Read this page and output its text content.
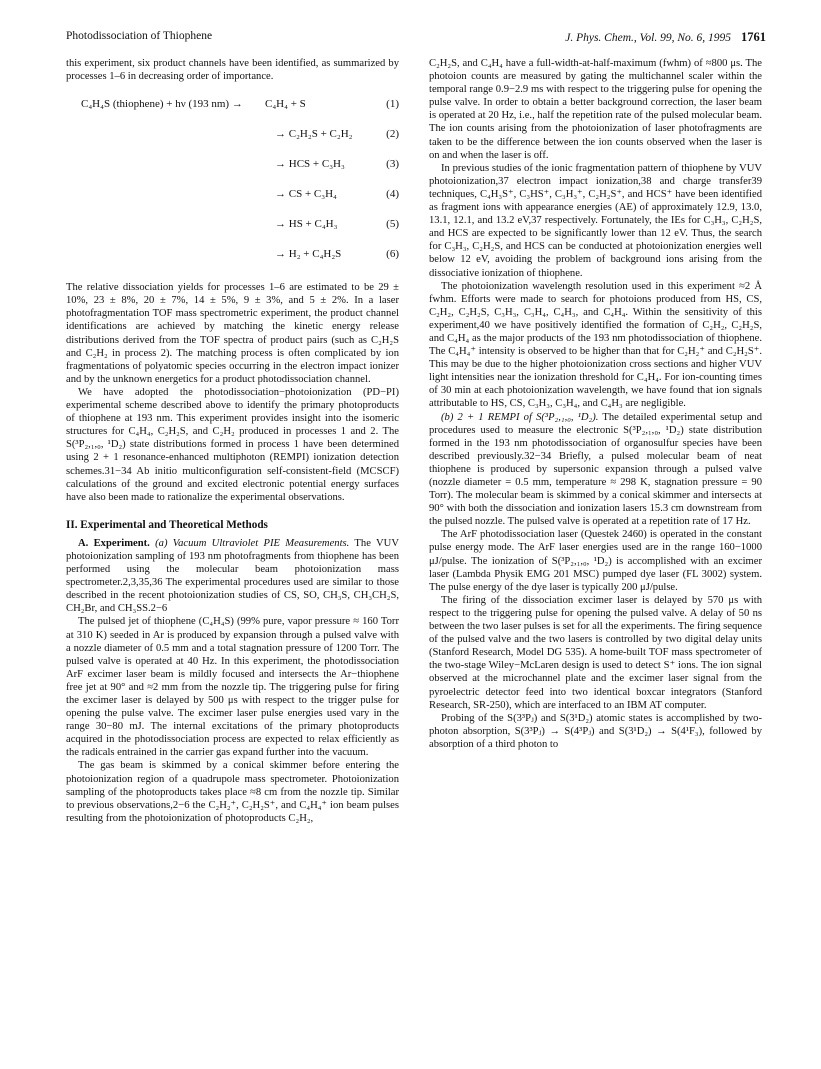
Photodissociation of Thiophene	J. Phys. Chem., Vol. 99, No. 6, 1995 1761

this experiment, six product channels have been identified, as summarized by processes 1–6 in decreasing order of importance.

C₄H₄S (thiophene) + hν (193 nm) → C₄H₄ + S	(1)
→ C₂H₂S + C₂H₂	(2)
→ HCS + C₃H₃	(3)
→ CS + C₃H₄	(4)
→ HS + C₄H₃	(5)
→ H₂ + C₄H₂S	(6)

The relative dissociation yields for processes 1–6 are estimated to be 29 ± 10%, 23 ± 8%, 20 ± 7%, 14 ± 5%, 9 ± 3%, and 5 ± 2%. In a laser photofragmentation TOF mass spectrometric experiment, the product channel identifications are achieved by matching the kinetic energy release distributions derived from the TOF spectra of product pairs (such as C₂H₂S and C₂H₂ in process 2). The matching process is often complicated by ion fragmentations of polyatomic species occurring in the electron impact ionizer and by the unknown energetics for a product photodissociation channel.

We have adopted the photodissociation−photoionization (PD−PI) experimental scheme described above to identify the primary photoproducts of thiophene at 193 nm. This experiment provides insight into the isomeric structures for C₄H₄, C₂H₂S, and C₂H₂ produced in processes 1 and 2. The S(³P₂,₁,₀, ¹D₂) state distributions formed in process 1 have been determined using 2 + 1 resonance-enhanced multiphoton (REMPI) ionization detection schemes.31−34 Ab initio multiconfiguration self-consistent-field (MCSCF) calculations of the ground and excited electronic potential energy surfaces have also been made to rationalize the experimental observations.

II. Experimental and Theoretical Methods

A. Experiment. (a) Vacuum Ultraviolet PIE Measurements. The VUV photoionization sampling of 193 nm photofragments from thiophene has been performed using the molecular beam photoionization mass spectrometer.2,3,35,36 The experimental procedures used are similar to those described in the recent photoionization studies of CS, SO, CH₃S, CH₃CH₂S, CH₂Br, and CH₃SS.2−6

The pulsed jet of thiophene (C₄H₄S) (99% pure, vapor pressure ≈ 160 Torr at 310 K) seeded in Ar is produced by expansion through a pulsed valve with a nozzle diameter of 0.5 mm and a total stagnation pressure of 1200 Torr. The pulsed valve is operated at 40 Hz. In this experiment, the photodissociation ArF excimer laser beam is mildly focused and intersects the Ar−thiophene free jet at 90° and ≈2 mm from the nozzle tip. The triggering pulse for firing the excimer laser is delayed by 500 μs with respect to the trigger pulse for opening the pulse valve. The excimer laser pulse energies used vary in the range 30−80 mJ. The internal excitations of the primary photoproducts acquired in the photodissociation process are expected to relax efficiently as the radicals entrained in the carrier gas expand further into the vacuum.

The gas beam is skimmed by a conical skimmer before entering the photoionization region of a quadrupole mass spectrometer. Photoionization sampling of the photoproducts takes place ≈8 cm from the nozzle tip. Similar to previous observations,2−6 the C₂H₂⁺, C₂H₂S⁺, and C₄H₄⁺ ion beam pulses resulting from the photoionization of photoproducts C₂H₂,

C₂H₂S, and C₄H₄ have a full-width-at-half-maximum (fwhm) of ≈800 μs. The photoion counts are measured by gating the multichannel scaler within the temporal range 0.9−2.9 ms with respect to the triggering pulse for opening the pulse valve. In order to obtain a better background correction, the laser beam is operated at 20 Hz, i.e., half the repetition rate of the pulsed molecular beam. The ion counts arising from the photoionization of laser photofragments are taken to be the difference between the ion counts observed when the laser is on and when the laser is off.

In previous studies of the ionic fragmentation pattern of thiophene by VUV photoionization,37 electron impact ionization,38 and charge transfer39 techniques, C₄H₃S⁺, C₃HS⁺, C₃H₃⁺, C₂H₂S⁺, and HCS⁺ have been identified as fragment ions with appearance energies (AE) of approximately 12.9, 13.0, 13.1, 12.1, and 13.2 eV,37 respectively. Fortunately, the IEs for C₃H₃, C₂H₂S, and HCS are expected to be significantly lower than 12 eV. Thus, the search for C₃H₃, C₂H₂S, and HCS can be conducted at photoionization energies well below 12 eV, avoiding the problem of background ions arising from the dissociative ionization of thiophene.

The photoionization wavelength resolution used in this experiment ≈2 Å fwhm. Efforts were made to search for photoions produced from HS, CS, C₂H₂, C₂H₂S, C₃H₃, C₃H₄, C₄H₃, and C₄H₄. Within the sensitivity of this experiment,40 we have positively identified the formation of C₂H₂, C₂H₂S, and C₄H₄ as the major products of the 193 nm photodissociation of thiophene. The C₄H₄⁺ intensity is observed to be higher than that for C₂H₂⁺ and C₂H₂S⁺. This may be due to the higher photoionization cross sections and higher VUV light intensities near the ionization threshold for C₄H₄. For ion-counting times of 30 min at each photoionization wavelength, we have found that ion signals attributable to HS, CS, C₃H₃, C₃H₄, and C₄H₃ are negligible.

(b) 2 + 1 REMPI of S(³P₂,₁,₀, ¹D₂). The detailed experimental setup and procedures used to measure the electronic S(³P₂,₁,₀, ¹D₂) state distribution formed in the 193 nm photodissociation of organosulfur species have been described previously.32−34 Briefly, a pulsed molecular beam of neat thiophene is produced by supersonic expansion through a pulsed valve (nozzle diameter = 0.5 mm, temperature ≈ 298 K, stagnation pressure = 90 Torr). The molecular beam is skimmed by a conical skimmer and intersects at 90° with both the dissociation and ionization lasers 15.3 cm downstream from the pulsed nozzle. The pulsed valve is operated at a repetition rate of 17 Hz.

The ArF photodissociation laser (Questek 2460) is operated in the constant pulse energy mode. The ArF laser energies used are in the range 160−1000 μJ/pulse. The ionization of S(³P₂,₁,₀, ¹D₂) is accomplished with an excimer laser (Lambda Physik EMG 201 MSC) pumped dye laser (FL 3002) system. The pulse energy of the dye laser is typically 200 μJ/pulse.

The firing of the dissociation excimer laser is delayed by 570 μs with respect to the triggering pulse for opening the pulsed valve. A delay of 50 ns between the two laser pulses is set for all the experiments. The firing sequence of the pulsed valve and the two lasers is controlled by two digital delay units (Stanford Research, Model DG 535). A home-built TOF mass spectrometer of the two-stage Wiley−McLaren design is used to detect S⁺ ions. The ion signal observed at the microchannel plate and the excimer laser signal from the pyroelectric detector feed into two identical boxcar integrators (Stanford Research, SR-250), which are interfaced to an IBM AT computer.

Probing of the S(3³Pⱼ) and S(3¹D₂) atomic states is accomplished by two-photon absorption, S(3³Pⱼ) → S(4³Pⱼ) and S(3¹D₂) → S(4¹F₃), followed by absorption of a third photon to
